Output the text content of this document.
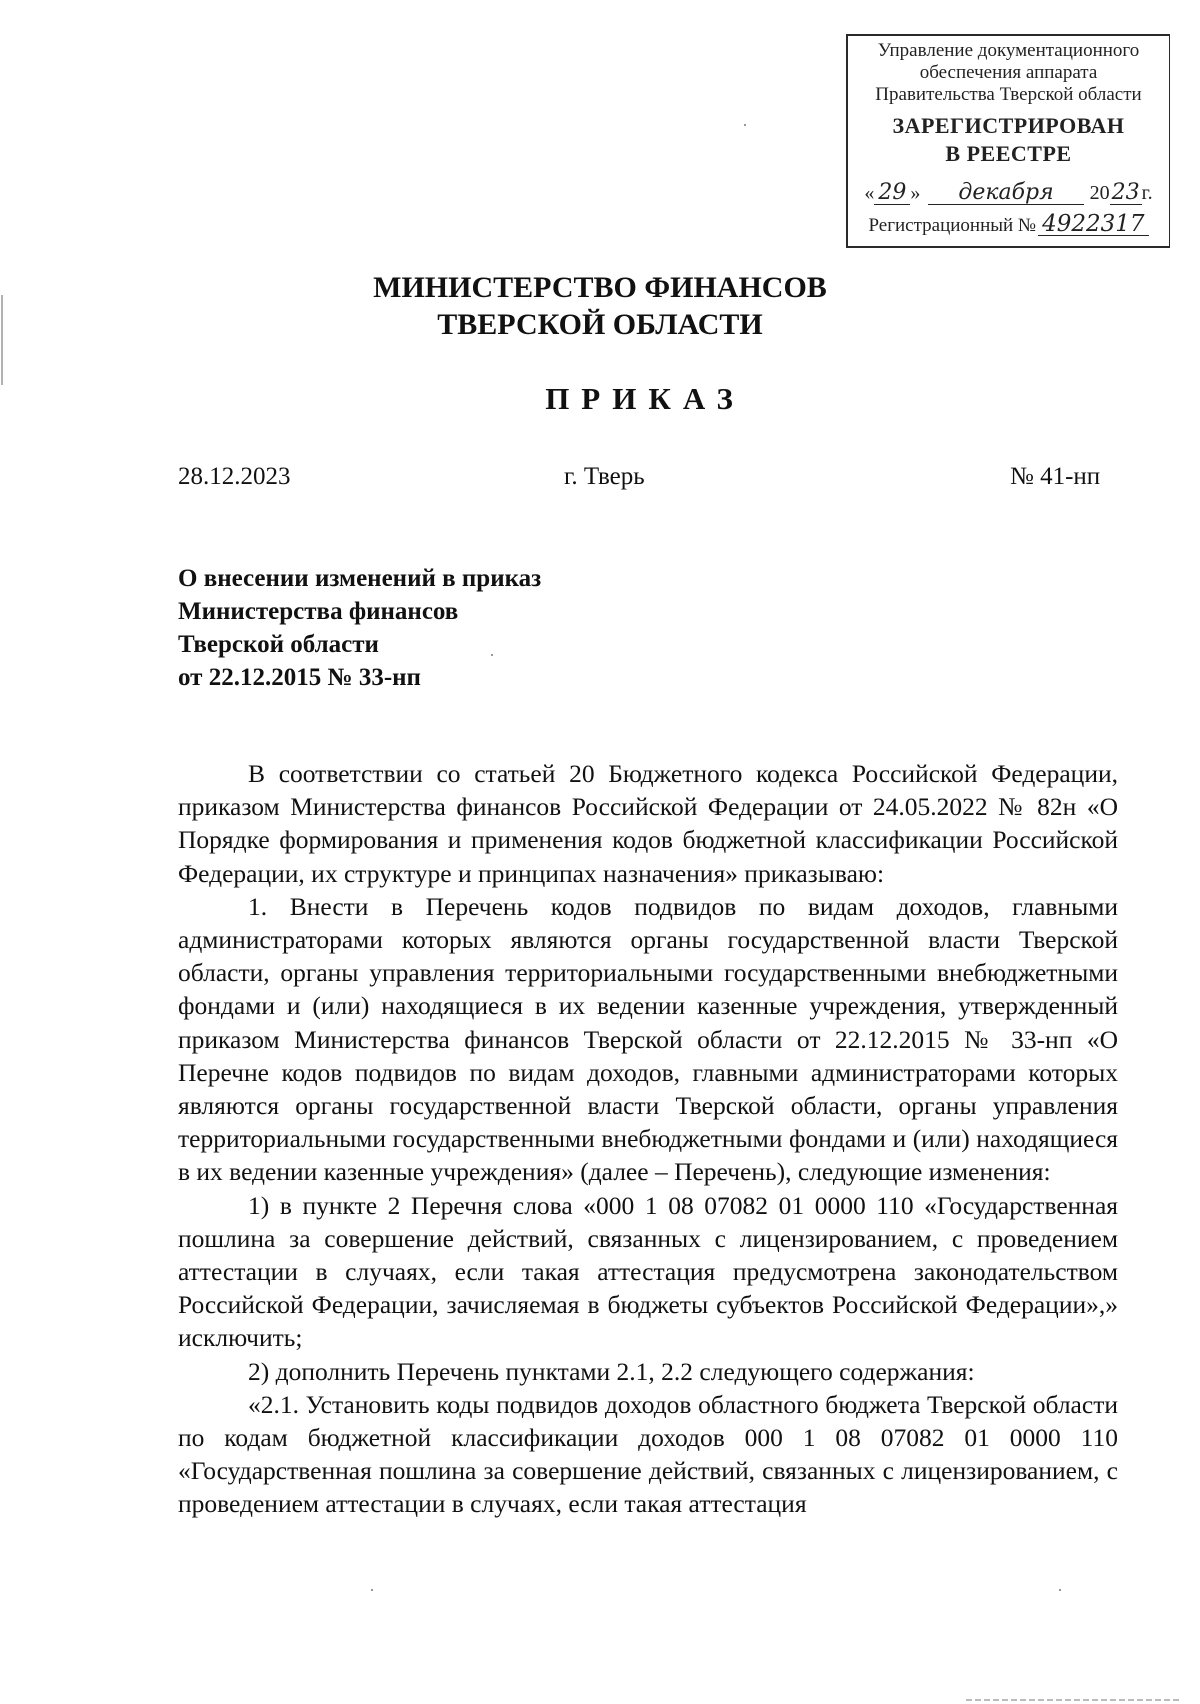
Управление документационного
обеспечения аппарата
Правительства Тверской области
ЗАРЕГИСТРИРОВАН
В РЕЕСТРЕ
« 29 »	декабря	20 23 г.
Регистрационный № 4922317
МИНИСТЕРСТВО ФИНАНСОВ
ТВЕРСКОЙ ОБЛАСТИ
ПРИКАЗ
28.12.2023	г. Тверь	№ 41-нп
О внесении изменений в приказ
Министерства финансов
Тверской области
от 22.12.2015 № 33-нп

В соответствии со статьей 20 Бюджетного кодекса Российской Федерации, приказом Министерства финансов Российской Федерации от 24.05.2022 № 82н «О Порядке формирования и применения кодов бюджетной классификации Российской Федерации, их структуре и принципах назначения» приказываю:

1. Внести в Перечень кодов подвидов по видам доходов, главными администраторами которых являются органы государственной власти Тверской области, органы управления территориальными государственными внебюджетными фондами и (или) находящиеся в их ведении казенные учреждения, утвержденный приказом Министерства финансов Тверской области от 22.12.2015 № 33-нп «О Перечне кодов подвидов по видам доходов, главными администраторами которых являются органы государственной власти Тверской области, органы управления территориальными государственными внебюджетными фондами и (или) находящиеся в их ведении казенные учреждения» (далее – Перечень), следующие изменения:

1) в пункте 2 Перечня слова «000 1 08 07082 01 0000 110 «Государственная пошлина за совершение действий, связанных с лицензированием, с проведением аттестации в случаях, если такая аттестация предусмотрена законодательством Российской Федерации, зачисляемая в бюджеты субъектов Российской Федерации»,» исключить;

2) дополнить Перечень пунктами 2.1, 2.2 следующего содержания:

«2.1. Установить коды подвидов доходов областного бюджета Тверской области по кодам бюджетной классификации доходов 000 1 08 07082 01 0000 110 «Государственная пошлина за совершение действий, связанных с лицензированием, с проведением аттестации в случаях, если такая аттестация
